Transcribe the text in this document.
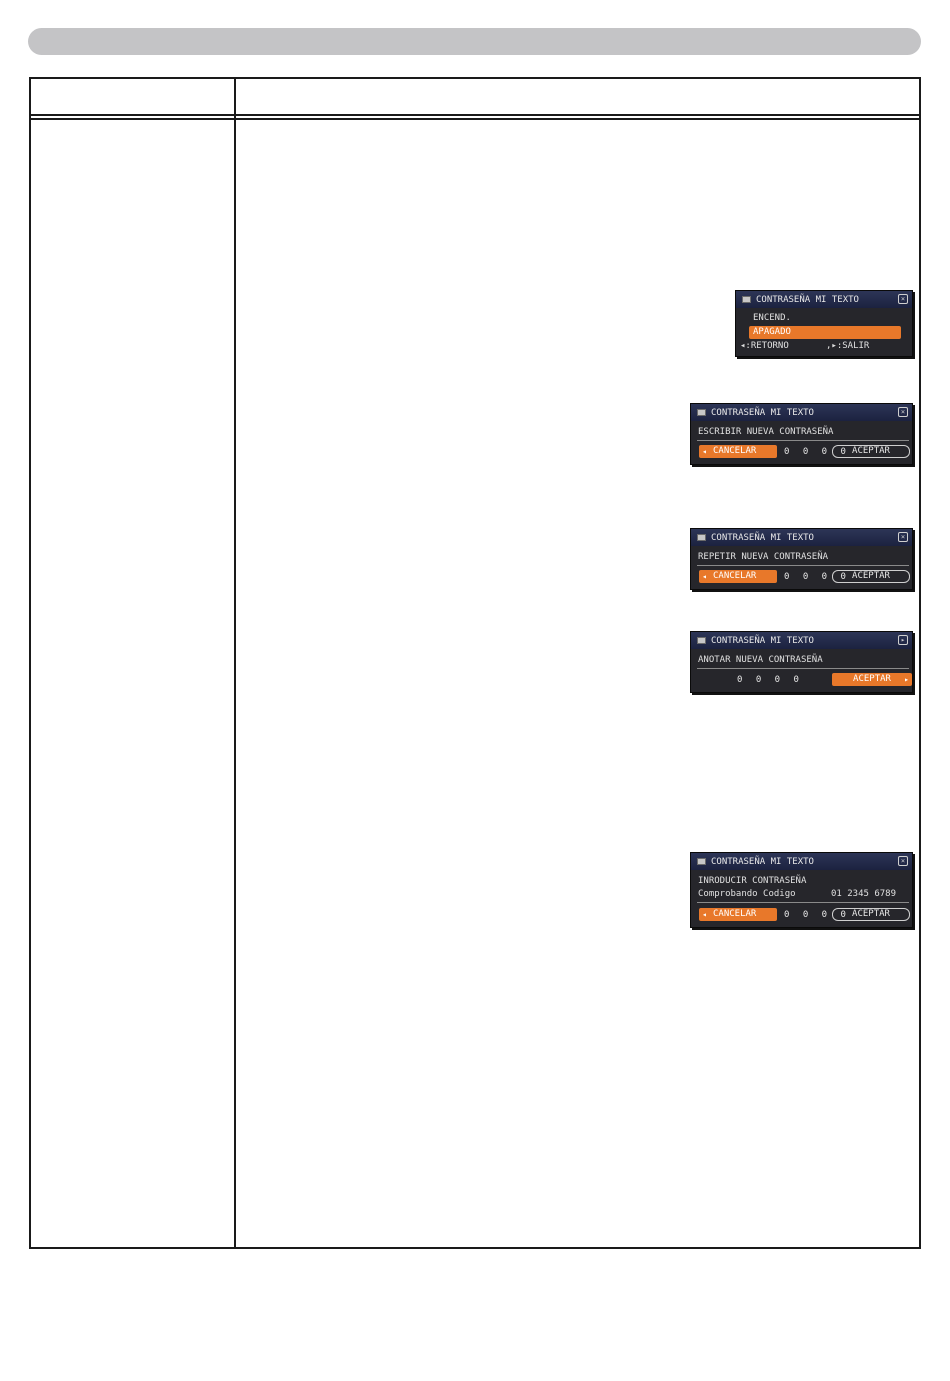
CONTRASEÑA MI TEXTO	×
ENCEND.
APAGADO
◂:RETORNO	,▸:SALIR
CONTRASEÑA MI TEXTO	×
ESCRIBIR NUEVA CONTRASEÑA
◂ CANCELAR	0 0 0 0 ACEPTAR
CONTRASEÑA MI TEXTO	×
REPETIR NUEVA CONTRASEÑA
◂ CANCELAR	0 0 0 0 ACEPTAR
CONTRASEÑA MI TEXTO	▸
ANOTAR NUEVA CONTRASEÑA
0 0 0 0	ACEPTAR ▸
CONTRASEÑA MI TEXTO	×
INRODUCIR CONTRASEÑA
Comprobando Codigo	01 2345 6789
◂ CANCELAR	0 0 0 0 ACEPTAR
